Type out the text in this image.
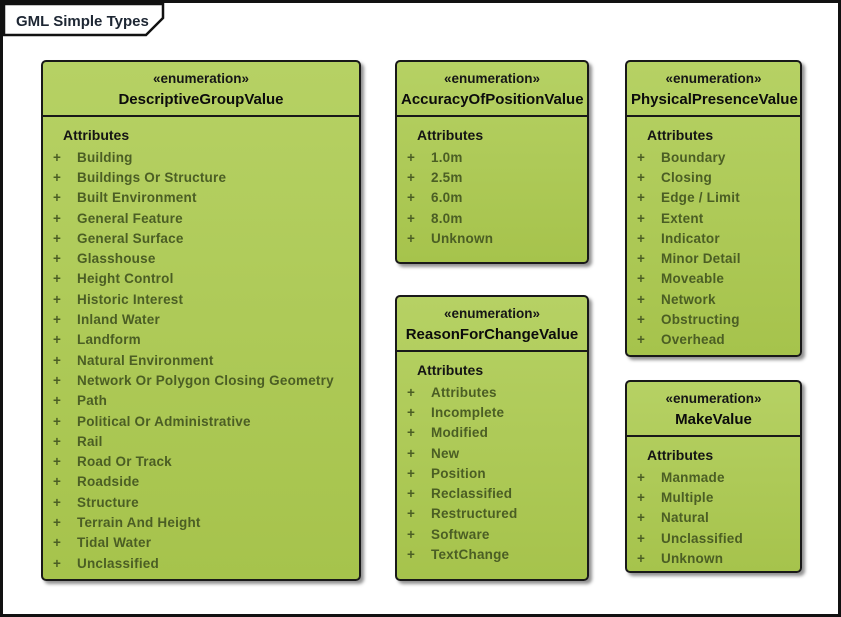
GML Simple Types
«enumeration»
DescriptiveGroupValue
Attributes
+	Building
+	Buildings Or Structure
+	Built Environment
+	General Feature
+	General Surface
+	Glasshouse
+	Height Control
+	Historic Interest
+	Inland Water
+	Landform
+	Natural Environment
+	Network Or Polygon Closing Geometry
+	Path
+	Political Or Administrative
+	Rail
+	Road Or Track
+	Roadside
+	Structure
+	Terrain And Height
+	Tidal Water
+	Unclassified
«enumeration»
AccuracyOfPositionValue
Attributes
+	1.0m
+	2.5m
+	6.0m
+	8.0m
+	Unknown
«enumeration»
ReasonForChangeValue
Attributes
+	Attributes
+	Incomplete
+	Modified
+	New
+	Position
+	Reclassified
+	Restructured
+	Software
+	TextChange
«enumeration»
PhysicalPresenceValue
Attributes
+	Boundary
+	Closing
+	Edge / Limit
+	Extent
+	Indicator
+	Minor Detail
+	Moveable
+	Network
+	Obstructing
+	Overhead
«enumeration»
MakeValue
Attributes
+	Manmade
+	Multiple
+	Natural
+	Unclassified
+	Unknown
